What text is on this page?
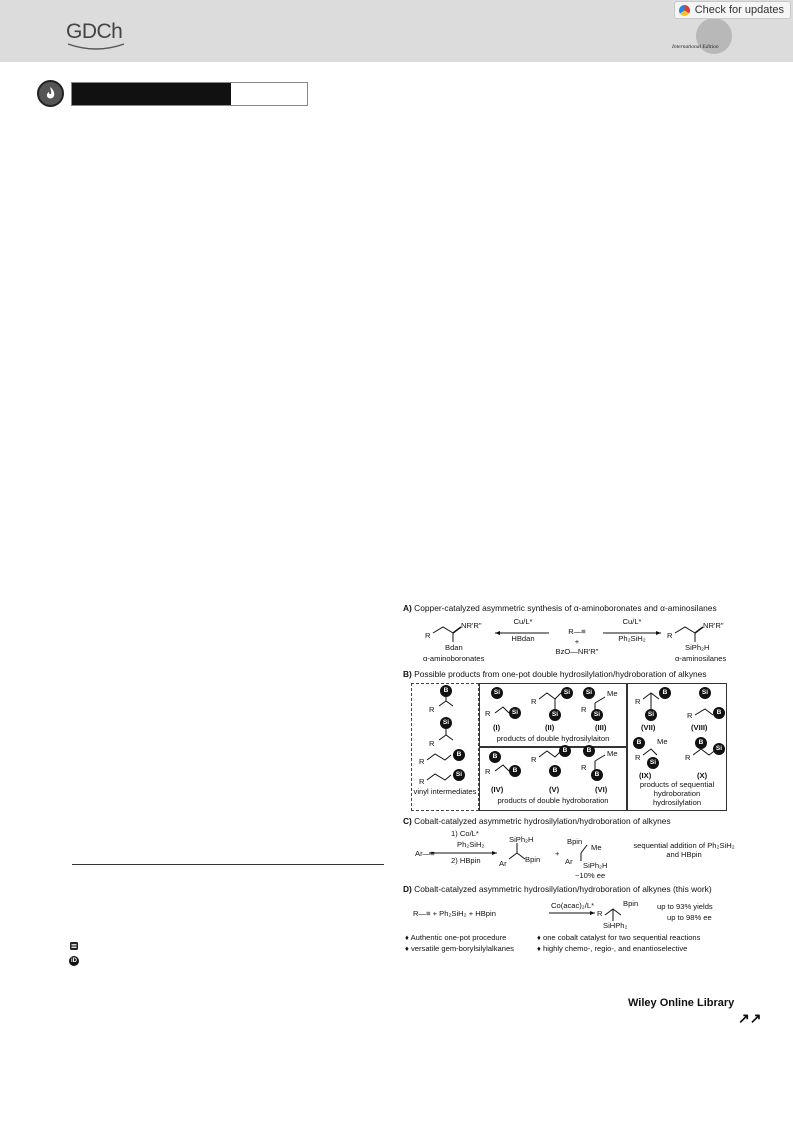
GDCh
International Edition
Check for updates
iD
A) Copper-catalyzed asymmetric synthesis of α-aminoboronates and α-aminosilanes
R
NR'R"
Bdan
α-aminoboronates
Cu/L*
HBdan
R—≡
+
BzO—NR'R"
Cu/L*
Ph₂SiH₂	R
NR'R"
SiPh₂H
α-aminosilanes
B) Possible products from one-pot double hydrosilylation/hydroboration of alkynes
B
R
Si
R
B
R
Si
R
vinyl intermediates
Si
R	Si
(I)
R
Si
Si
(II)
Si	Me
R
Si
(III)
products of double hydrosilylaiton
B
R	B
(IV)
R
B
B
(V)
B	Me
R
B
(VI)
products of double hydroboration
R
B
Si
(VII)
Si
R	B
(VIII)
B	Me
R
Si
(IX)
B
R
Si
(X)
products of sequential hydroboration hydrosilylation
C) Cobalt-catalyzed asymmetric hydrosilylation/hydroboration of alkynes
Ar—≡
1) Co/L*
Ph₂SiH₂
2) HBpin
SiPh₂H
Bpin
Ar
+
Bpin
Me
Ar SiPh₂H
~10% ee
sequential addition of Ph₂SiH₂ and HBpin
D) Cobalt-catalyzed asymmetric hydrosilylation/hydroboration of alkynes (this work)
R—≡ + Ph₂SiH₂ + HBpin
Co(acac)₂/L*	Bpin
R
SiHPh₂
up to 93% yields
up to 98% ee
♦ Authentic one-pot procedure	♦ one cobalt catalyst for two sequential reactions
♦ versatile gem-borylsilylalkanes	♦ highly chemo-, regio-, and enantioselective
Wiley Online Library
↗↗
